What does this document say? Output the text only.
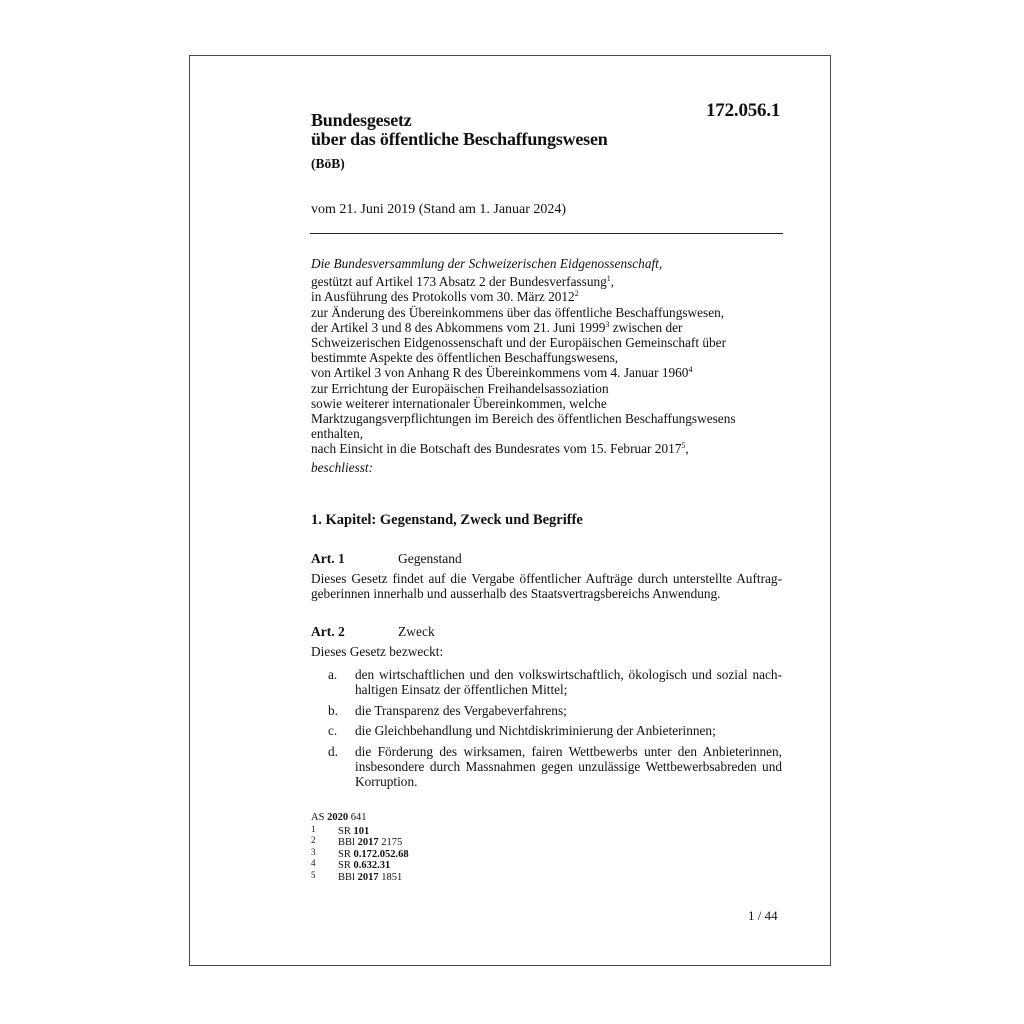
172.056.1
Bundesgesetz
über das öffentliche Beschaffungswesen
(BöB)
vom 21. Juni 2019 (Stand am 1. Januar 2024)
Die Bundesversammlung der Schweizerischen Eidgenossenschaft,
gestützt auf Artikel 173 Absatz 2 der Bundesverfassung$^1$,
in Ausführung des Protokolls vom 30. März 2012$^2$
zur Änderung des Übereinkommens über das öffentliche Beschaffungswesen,
der Artikel 3 und 8 des Abkommens vom 21. Juni 1999$^3$ zwischen der
Schweizerischen Eidgenossenschaft und der Europäischen Gemeinschaft über
bestimmte Aspekte des öffentlichen Beschaffungswesens,
von Artikel 3 von Anhang R des Übereinkommens vom 4. Januar 1960$^4$
zur Errichtung der Europäischen Freihandelsassoziation
sowie weiterer internationaler Übereinkommen, welche
Marktzugangsverpflichtungen im Bereich des öffentlichen Beschaffungswesens
enthalten,
nach Einsicht in die Botschaft des Bundesrates vom 15. Februar 2017$^5$,
beschliesst:
1. Kapitel: Gegenstand, Zweck und Begriffe
Art. 1	Gegenstand
Dieses Gesetz findet auf die Vergabe öffentlicher Aufträge durch unterstellte Auftraggeberinnen innerhalb und ausserhalb des Staatsvertragsbereichs Anwendung.
Art. 2	Zweck
Dieses Gesetz bezweckt:
a. den wirtschaftlichen und den volkswirtschaftlich, ökologisch und sozial nachhaltigen Einsatz der öffentlichen Mittel;
b. die Transparenz des Vergabeverfahrens;
c. die Gleichbehandlung und Nichtdiskriminierung der Anbieterinnen;
d. die Förderung des wirksamen, fairen Wettbewerbs unter den Anbieterinnen, insbesondere durch Massnahmen gegen unzulässige Wettbewerbsabreden und Korruption.
AS 2020 641
1 SR 101
2 BBl 2017 2175
3 SR 0.172.052.68
4 SR 0.632.31
5 BBl 2017 1851
1 / 44
